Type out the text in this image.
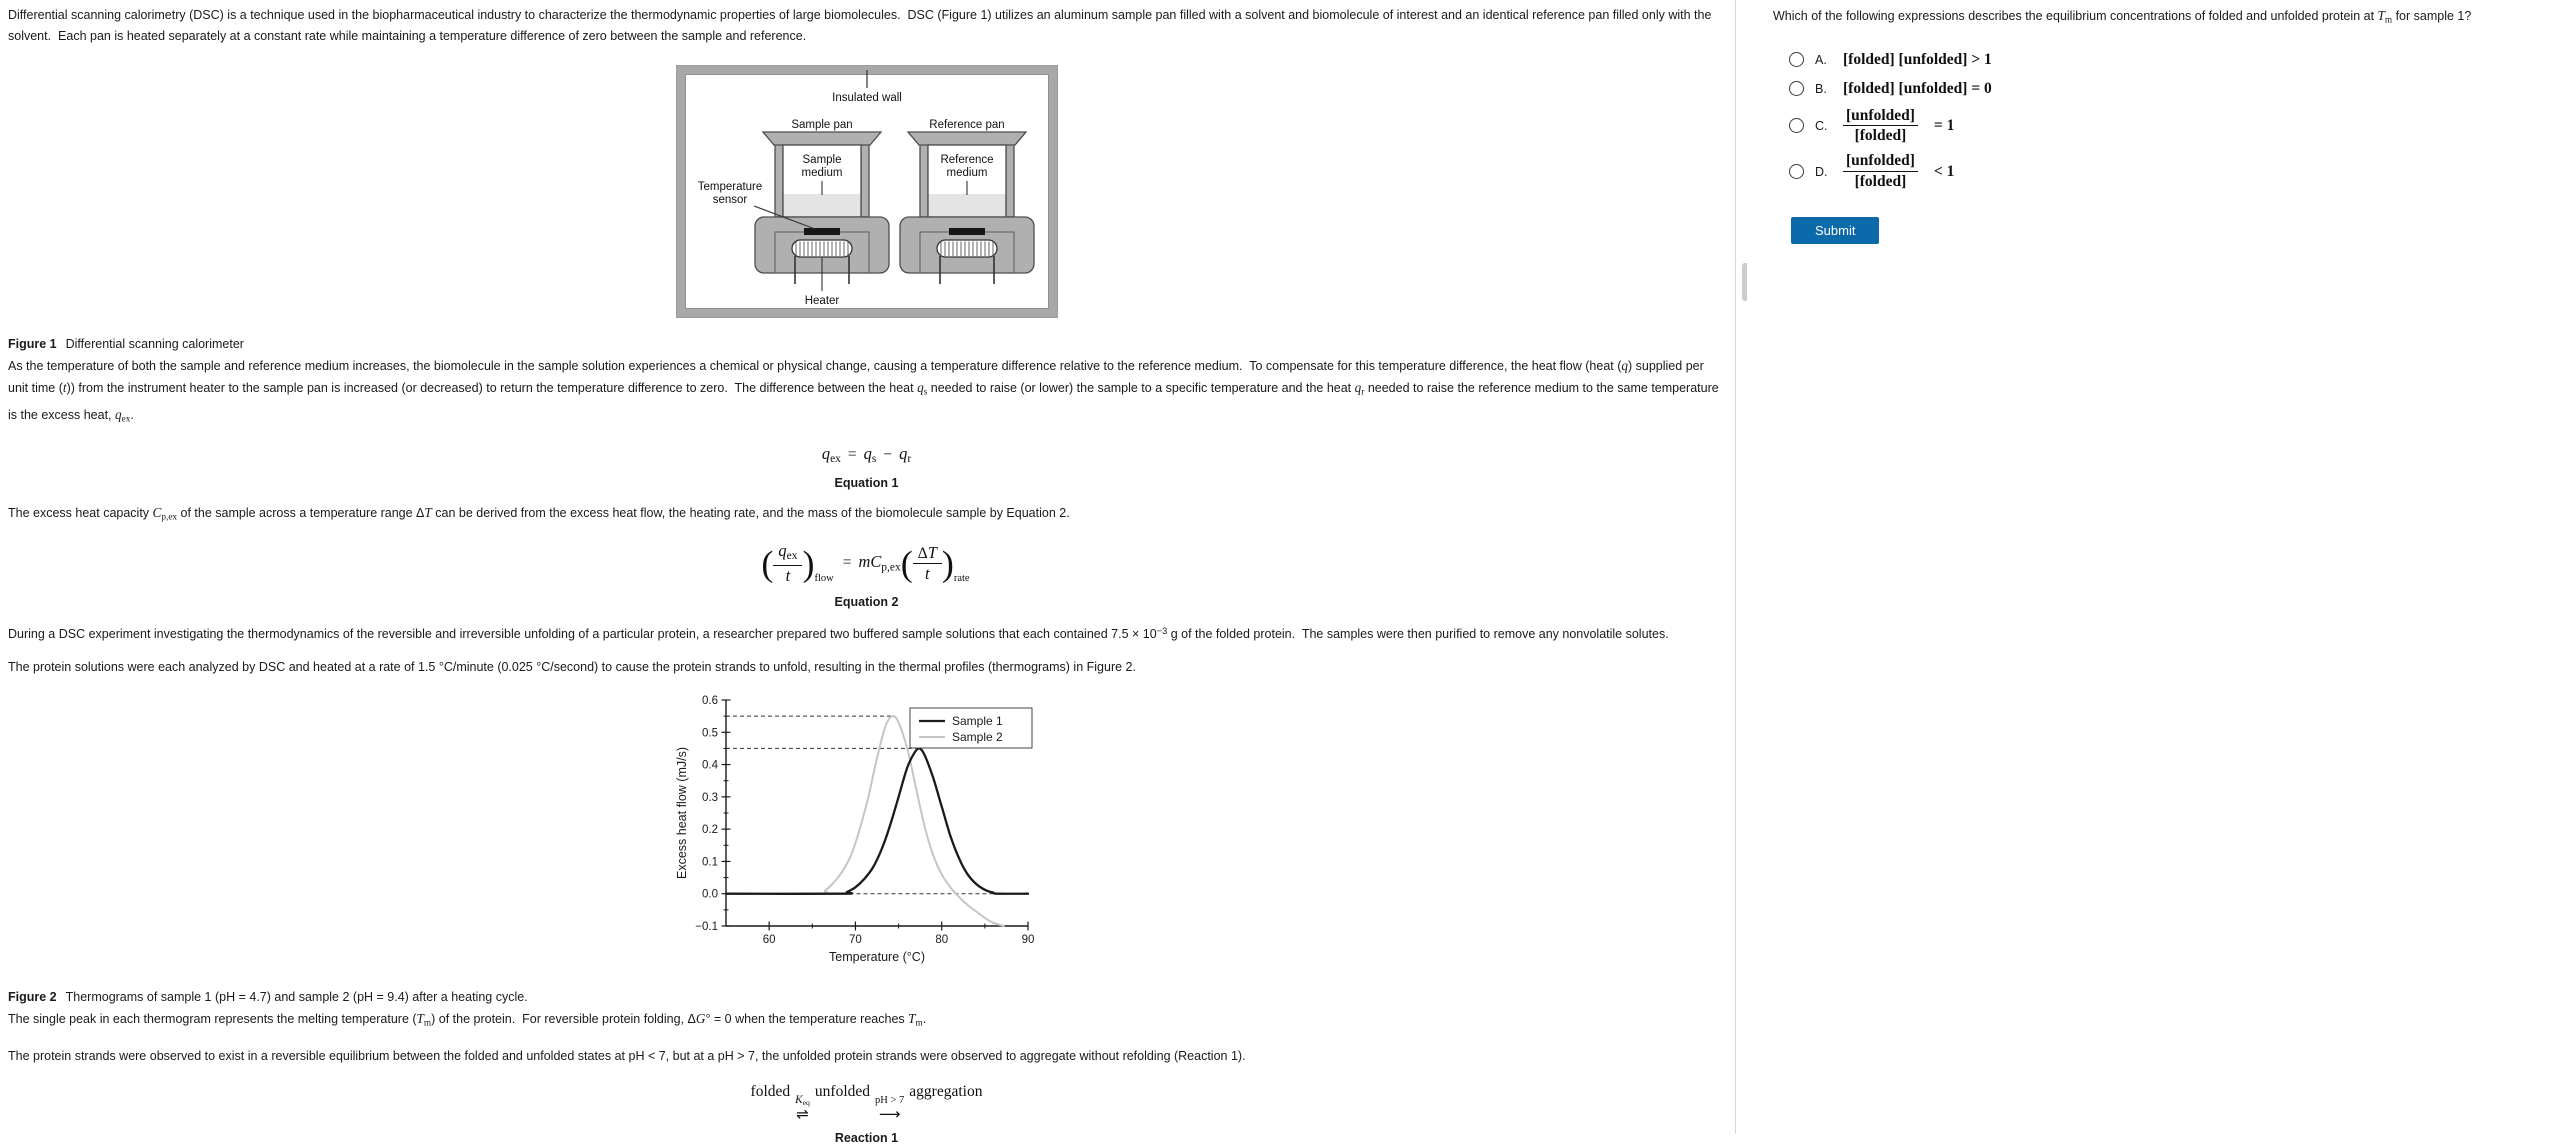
Differential scanning calorimetry (DSC) is a technique used in the biopharmaceutical industry to characterize the thermodynamic properties of large biomolecules.  DSC (Figure 1) utilizes an aluminum sample pan filled with a solvent and biomolecule of interest and an identical reference pan filled only with the solvent.  Each pan is heated separately at a constant rate while maintaining a temperature difference of zero between the sample and reference.

Insulated wall
Sample pan	Reference pan
Sample
medium
Reference
medium
Temperature
sensor
Heater

Figure 1 Differential scanning calorimeter

As the temperature of both the sample and reference medium increases, the biomolecule in the sample solution experiences a chemical or physical change, causing a temperature difference relative to the reference medium.  To compensate for this temperature difference, the heat flow (heat (q) supplied per unit time (t)) from the instrument heater to the sample pan is increased (or decreased) to return the temperature difference to zero.  The difference between the heat $q_s$ needed to raise (or lower) the sample to a specific temperature and the heat $q_r$ needed to raise the reference medium to the same temperature is the excess heat, $q_{ex}$.

$q_{ex} = q_s - q_r$
Equation 1

The excess heat capacity $C_{p,ex}$ of the sample across a temperature range ΔT can be derived from the excess heat flow, the heating rate, and the mass of the biomolecule sample by Equation 2.

( $\frac{q_{ex}}{t} )_{flow}= mC_{p,ex}( \frac{\Delta T}{t} )_{rate}$
Equation 2

During a DSC experiment investigating the thermodynamics of the reversible and irreversible unfolding of a particular protein, a researcher prepared two buffered sample solutions that each contained $7.5 \times 10^{-3}$ g of the folded protein.  The samples were then purified to remove any nonvolatile solutes.

The protein solutions were each analyzed by DSC and heated at a rate of 1.5 °C/minute (0.025 °C/second) to cause the protein strands to unfold, resulting in the thermal profiles (thermograms) in Figure 2.

−0.1
0.0
0.1
0.2
0.3
0.4
0.5
0.6
60	70	80	90
Sample 1
Sample 2
Temperature (°C)
Excess heat flow (mJ/s)

Figure 2 Thermograms of sample 1 (pH = 4.7) and sample 2 (pH = 9.4) after a heating cycle.

The single peak in each thermogram represents the melting temperature $(T_m)$ of the protein.  For reversible protein folding, ΔG° = 0 when the temperature reaches $T_m$.

The protein strands were observed to exist in a reversible equilibrium between the folded and unfolded states at pH < 7, but at a pH > 7, the unfolded protein strands were observed to aggregate without refolding (Reaction 1).

folded $K_{eq}$
⇌
unfolded
pH > 7
⟶
aggregation
Reaction 1
Which of the following expressions describes the equilibrium concentrations of folded and unfolded protein at $T_m$ for sample 1?
A.	[folded] [unfolded] > 1
B.	[folded] [unfolded] = 0
C.
[unfolded]
[folded]
= 1
D.
[unfolded]
[folded]
< 1
Submit
